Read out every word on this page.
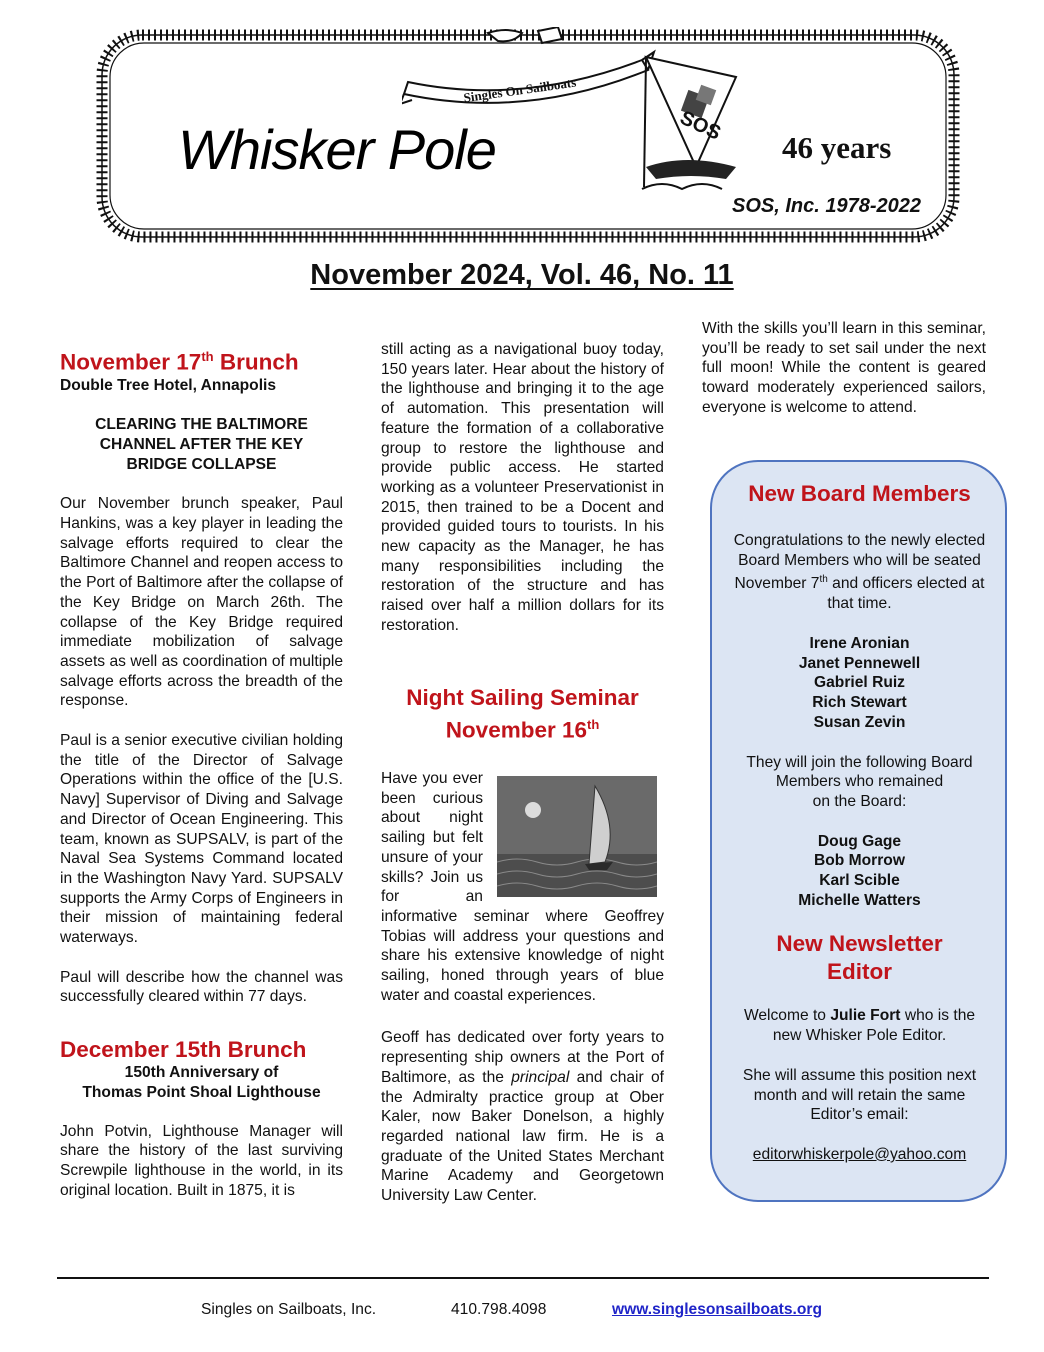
Singles On Sailboats
SOS
Whisker Pole	46 years
SOS, Inc. 1978-2022
November 2024, Vol. 46, No. 11
November 17th Brunch
Double Tree Hotel, Annapolis
CLEARING THE BALTIMORE
CHANNEL AFTER THE KEY
BRIDGE COLLAPSE

Our November brunch speaker, Paul Hankins, was a key player in leading the salvage efforts required to clear the Baltimore Channel and reopen access to the Port of Baltimore after the collapse of the Key Bridge on March 26th. The collapse of the Key Bridge required immediate mobilization of salvage assets as well as coordination of multiple salvage efforts across the breadth of the response.

Paul is a senior executive civilian holding the title of the Director of Salvage Operations within the office of the [U.S. Navy] Supervisor of Diving and Salvage and Director of Ocean Engineering. This team, known as SUPSALV, is part of the Naval Sea Systems Command located in the Washington Navy Yard. SUPSALV supports the Army Corps of Engineers in their mission of maintaining federal waterways.

Paul will describe how the channel was successfully cleared within 77 days.

December 15th Brunch
150th Anniversary of
Thomas Point Shoal Lighthouse

John Potvin, Lighthouse Manager will share the history of the last surviving Screwpile lighthouse in the world, in its original location. Built in 1875, it is

still acting as a navigational buoy today, 150 years later. Hear about the history of the lighthouse and bringing it to the age of automation. This presentation will feature the formation of a collaborative group to restore the lighthouse and provide public access. He started working as a volunteer Preservationist in 2015, then trained to be a Docent and provided guided tours to tourists. In his new capacity as the Manager, he has many responsibilities including the restoration of the structure and has raised over half a million dollars for its restoration.

Night Sailing Seminar
November 16th

Have you ever been curious about night sailing but felt unsure of your skills? Join us for an informative seminar where Geoffrey Tobias will address your questions and share his extensive knowledge of night sailing, honed through years of blue water and coastal experiences.

Geoff has dedicated over forty years to representing ship owners at the Port of Baltimore, as the principal and chair of the Admiralty practice group at Ober Kaler, now Baker Donelson, a highly regarded national law firm. He is a graduate of the United States Merchant Marine Academy and Georgetown University Law Center.

With the skills you’ll learn in this seminar, you’ll be ready to set sail under the next full moon! While the content is geared toward moderately experienced sailors, everyone is welcome to attend.

New Board Members
Congratulations to the newly elected Board Members who will be seated November 7th and officers elected at that time.
Irene Aronian
Janet Pennewell
Gabriel Ruiz
Rich Stewart
Susan Zevin
They will join the following Board Members who remained
on the Board:
Doug Gage
Bob Morrow
Karl Scible
Michelle Watters
New Newsletter
Editor
Welcome to Julie Fort who is the new Whisker Pole Editor.
She will assume this position next month and will retain the same Editor’s email:
editorwhiskerpole@yahoo.com
Singles on Sailboats, Inc.	410.798.4098	www.singlesonsailboats.org
